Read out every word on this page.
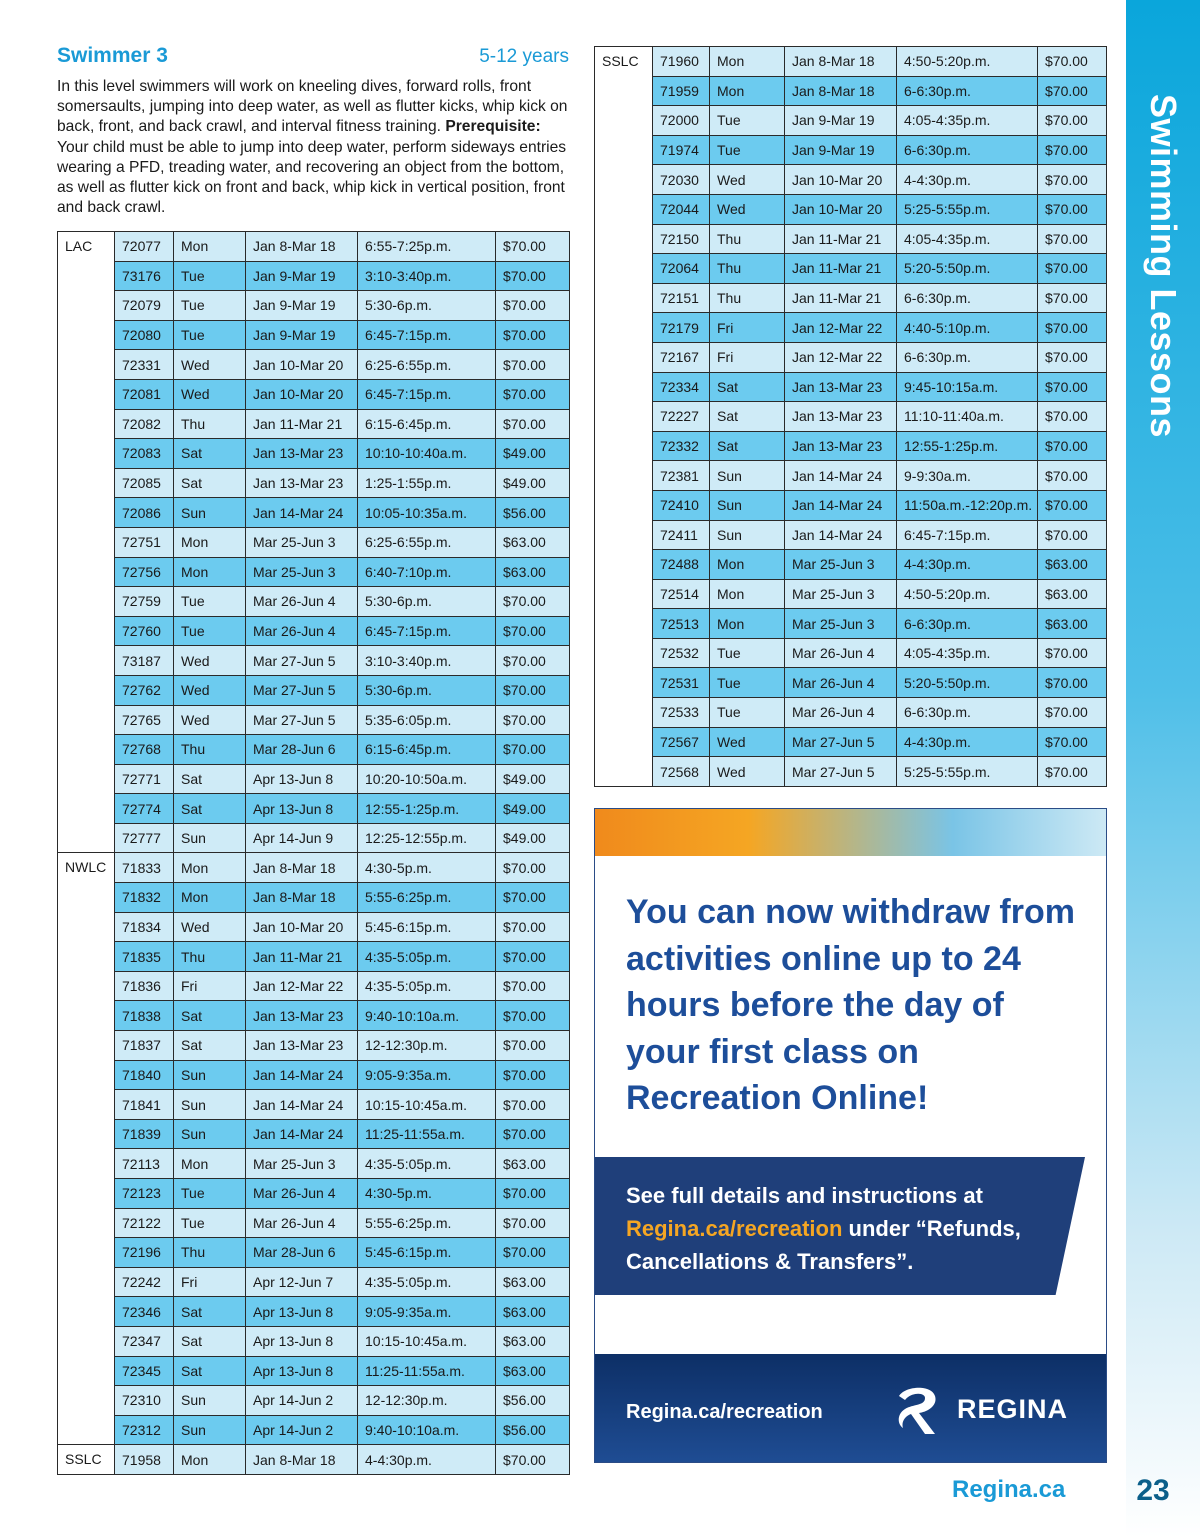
Swimmer 3	5-12 years
In this level swimmers will work on kneeling dives, forward rolls, front somersaults, jumping into deep water, as well as flutter kicks, whip kick on back, front, and back crawl, and interval fitness training. Prerequisite: Your child must be able to jump into deep water, perform sideways entries wearing a PFD, treading water, and recovering an object from the bottom, as well as flutter kick on front and back, whip kick in vertical position, front and back crawl.
LAC	72077	Mon	Jan 8-Mar 18	6:55-7:25p.m.	$70.00
	73176	Tue	Jan 9-Mar 19	3:10-3:40p.m.	$70.00
	72079	Tue	Jan 9-Mar 19	5:30-6p.m.	$70.00
	72080	Tue	Jan 9-Mar 19	6:45-7:15p.m.	$70.00
	72331	Wed	Jan 10-Mar 20	6:25-6:55p.m.	$70.00
	72081	Wed	Jan 10-Mar 20	6:45-7:15p.m.	$70.00
	72082	Thu	Jan 11-Mar 21	6:15-6:45p.m.	$70.00
	72083	Sat	Jan 13-Mar 23	10:10-10:40a.m.	$49.00
	72085	Sat	Jan 13-Mar 23	1:25-1:55p.m.	$49.00
	72086	Sun	Jan 14-Mar 24	10:05-10:35a.m.	$56.00
	72751	Mon	Mar 25-Jun 3	6:25-6:55p.m.	$63.00
	72756	Mon	Mar 25-Jun 3	6:40-7:10p.m.	$63.00
	72759	Tue	Mar 26-Jun 4	5:30-6p.m.	$70.00
	72760	Tue	Mar 26-Jun 4	6:45-7:15p.m.	$70.00
	73187	Wed	Mar 27-Jun 5	3:10-3:40p.m.	$70.00
	72762	Wed	Mar 27-Jun 5	5:30-6p.m.	$70.00
	72765	Wed	Mar 27-Jun 5	5:35-6:05p.m.	$70.00
	72768	Thu	Mar 28-Jun 6	6:15-6:45p.m.	$70.00
	72771	Sat	Apr 13-Jun 8	10:20-10:50a.m.	$49.00
	72774	Sat	Apr 13-Jun 8	12:55-1:25p.m.	$49.00
	72777	Sun	Apr 14-Jun 9	12:25-12:55p.m.	$49.00
NWLC	71833	Mon	Jan 8-Mar 18	4:30-5p.m.	$70.00
	71832	Mon	Jan 8-Mar 18	5:55-6:25p.m.	$70.00
	71834	Wed	Jan 10-Mar 20	5:45-6:15p.m.	$70.00
	71835	Thu	Jan 11-Mar 21	4:35-5:05p.m.	$70.00
	71836	Fri	Jan 12-Mar 22	4:35-5:05p.m.	$70.00
	71838	Sat	Jan 13-Mar 23	9:40-10:10a.m.	$70.00
	71837	Sat	Jan 13-Mar 23	12-12:30p.m.	$70.00
	71840	Sun	Jan 14-Mar 24	9:05-9:35a.m.	$70.00
	71841	Sun	Jan 14-Mar 24	10:15-10:45a.m.	$70.00
	71839	Sun	Jan 14-Mar 24	11:25-11:55a.m.	$70.00
	72113	Mon	Mar 25-Jun 3	4:35-5:05p.m.	$63.00
	72123	Tue	Mar 26-Jun 4	4:30-5p.m.	$70.00
	72122	Tue	Mar 26-Jun 4	5:55-6:25p.m.	$70.00
	72196	Thu	Mar 28-Jun 6	5:45-6:15p.m.	$70.00
	72242	Fri	Apr 12-Jun 7	4:35-5:05p.m.	$63.00
	72346	Sat	Apr 13-Jun 8	9:05-9:35a.m.	$63.00
	72347	Sat	Apr 13-Jun 8	10:15-10:45a.m.	$63.00
	72345	Sat	Apr 13-Jun 8	11:25-11:55a.m.	$63.00
	72310	Sun	Apr 14-Jun 2	12-12:30p.m.	$56.00
	72312	Sun	Apr 14-Jun 2	9:40-10:10a.m.	$56.00
SSLC	71958	Mon	Jan 8-Mar 18	4-4:30p.m.	$70.00
SSLC	71960	Mon	Jan 8-Mar 18	4:50-5:20p.m.	$70.00
	71959	Mon	Jan 8-Mar 18	6-6:30p.m.	$70.00
	72000	Tue	Jan 9-Mar 19	4:05-4:35p.m.	$70.00
	71974	Tue	Jan 9-Mar 19	6-6:30p.m.	$70.00
	72030	Wed	Jan 10-Mar 20	4-4:30p.m.	$70.00
	72044	Wed	Jan 10-Mar 20	5:25-5:55p.m.	$70.00
	72150	Thu	Jan 11-Mar 21	4:05-4:35p.m.	$70.00
	72064	Thu	Jan 11-Mar 21	5:20-5:50p.m.	$70.00
	72151	Thu	Jan 11-Mar 21	6-6:30p.m.	$70.00
	72179	Fri	Jan 12-Mar 22	4:40-5:10p.m.	$70.00
	72167	Fri	Jan 12-Mar 22	6-6:30p.m.	$70.00
	72334	Sat	Jan 13-Mar 23	9:45-10:15a.m.	$70.00
	72227	Sat	Jan 13-Mar 23	11:10-11:40a.m.	$70.00
	72332	Sat	Jan 13-Mar 23	12:55-1:25p.m.	$70.00
	72381	Sun	Jan 14-Mar 24	9-9:30a.m.	$70.00
	72410	Sun	Jan 14-Mar 24	11:50a.m.-12:20p.m.	$70.00
	72411	Sun	Jan 14-Mar 24	6:45-7:15p.m.	$70.00
	72488	Mon	Mar 25-Jun 3	4-4:30p.m.	$63.00
	72514	Mon	Mar 25-Jun 3	4:50-5:20p.m.	$63.00
	72513	Mon	Mar 25-Jun 3	6-6:30p.m.	$63.00
	72532	Tue	Mar 26-Jun 4	4:05-4:35p.m.	$70.00
	72531	Tue	Mar 26-Jun 4	5:20-5:50p.m.	$70.00
	72533	Tue	Mar 26-Jun 4	6-6:30p.m.	$70.00
	72567	Wed	Mar 27-Jun 5	4-4:30p.m.	$70.00
	72568	Wed	Mar 27-Jun 5	5:25-5:55p.m.	$70.00
You can now withdraw from activities online up to 24 hours before the day of your first class on Recreation Online!
See full details and instructions at Regina.ca/recreation under “Refunds, Cancellations & Transfers”.
Regina.ca/recreation	REGINA
Swimming Lessons
23
Regina.ca
